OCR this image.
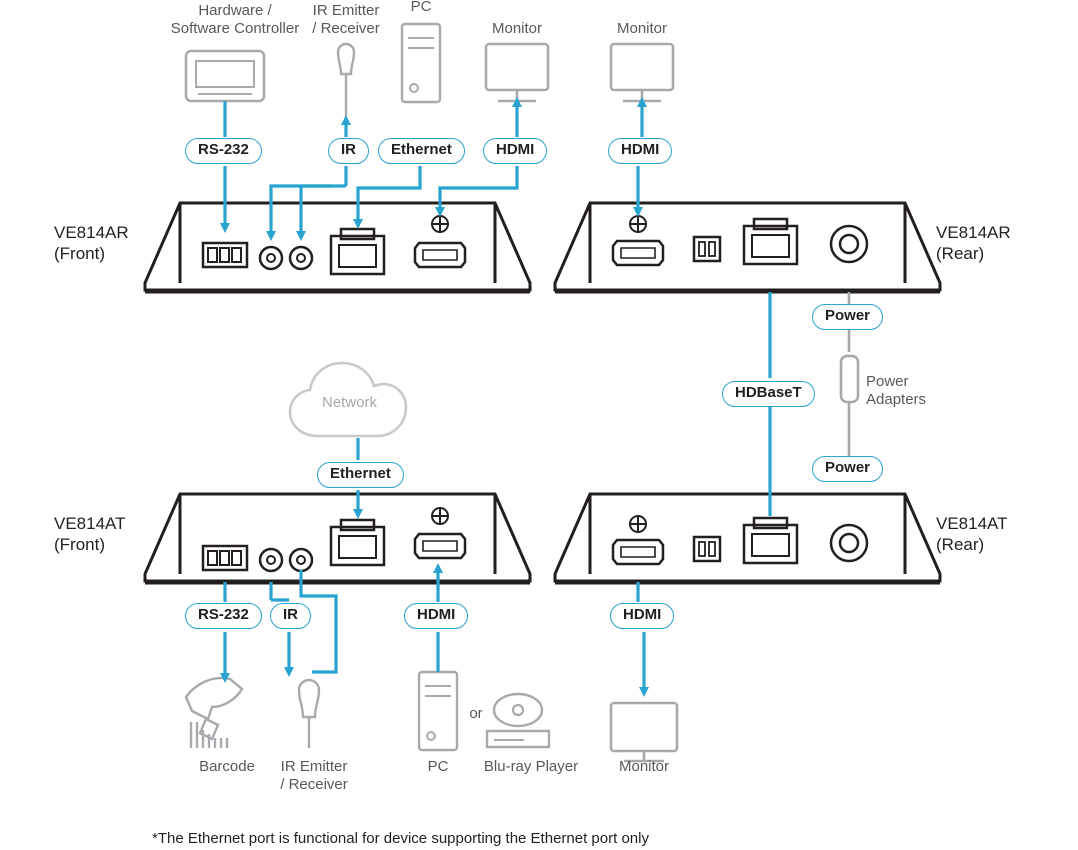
Hardware /
Software Controller
IR Emitter
/ Receiver
PC
Monitor	Monitor
RS-232	IR	Ethernet	HDMI	HDMI
VE814AR
(Front)
VE814AR
(Rear)
VE814AT
(Front)
VE814AT
(Rear)
Power
HDBaseT
Power
Ethernet
Network
Power
Adapters
RS-232	IR	HDMI	HDMI
Barcode	IR Emitter
/ Receiver
PC
or
Blu-ray Player	Monitor
*The Ethernet port is functional for device supporting the Ethernet port only
